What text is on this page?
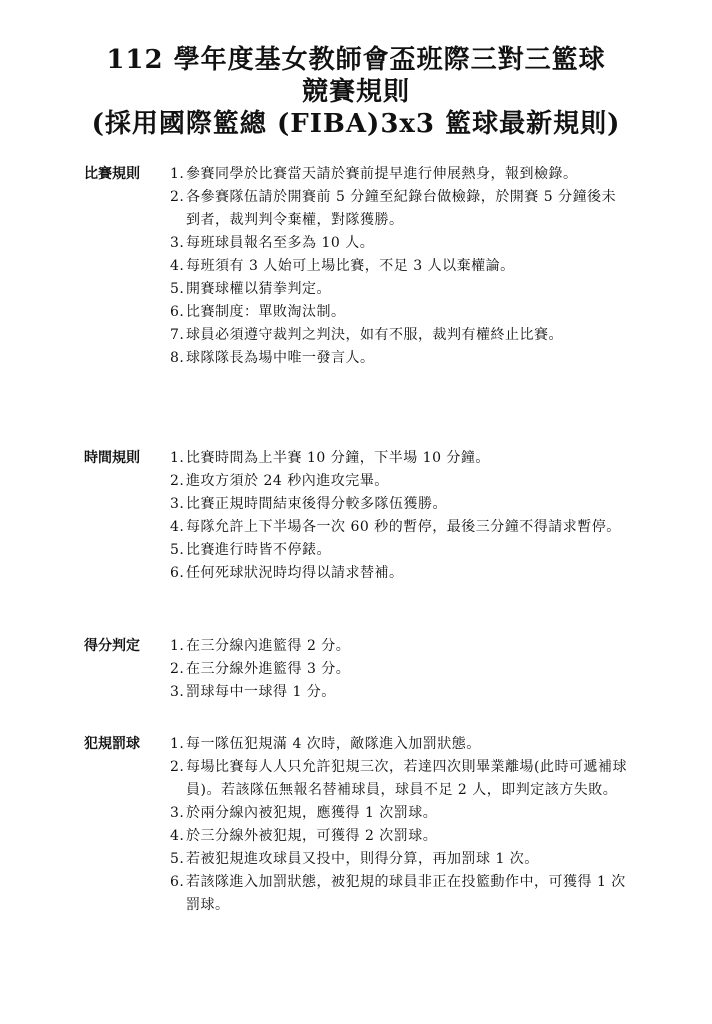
112 學年度基女教師會盃班際三對三籃球
競賽規則
(採用國際籃總 (FIBA)3x3 籃球最新規則)
比賽規則 1. 參賽同學於比賽當天請於賽前提早進行伸展熱身，報到檢錄。
2. 各參賽隊伍請於開賽前 5 分鐘至紀錄台做檢錄，於開賽 5 分鐘後未到者，裁判判令棄權，對隊獲勝。
3. 每班球員報名至多為 10 人。
4. 每班須有 3 人始可上場比賽，不足 3 人以棄權論。
5. 開賽球權以猜拳判定。
6. 比賽制度：單敗淘汰制。
7. 球員必須遵守裁判之判決，如有不服，裁判有權終止比賽。
8. 球隊隊長為場中唯一發言人。
時間規則 1. 比賽時間為上半賽 10 分鐘，下半場 10 分鐘。
2. 進攻方須於 24 秒內進攻完畢。
3. 比賽正規時間結束後得分較多隊伍獲勝。
4. 每隊允許上下半場各一次 60 秒的暫停，最後三分鐘不得請求暫停。
5. 比賽進行時皆不停錶。
6. 任何死球狀況時均得以請求替補。
得分判定 1. 在三分線內進籃得 2 分。
2. 在三分線外進籃得 3 分。
3. 罰球每中一球得 1 分。
犯規罰球 1. 每一隊伍犯規滿 4 次時，敵隊進入加罰狀態。
2. 每場比賽每人人只允許犯規三次，若達四次則畢業離場(此時可遞補球員)。若該隊伍無報名替補球員，球員不足 2 人，即判定該方失敗。
3. 於兩分線內被犯規，應獲得 1 次罰球。
4. 於三分線外被犯規，可獲得 2 次罰球。
5. 若被犯規進攻球員又投中，則得分算，再加罰球 1 次。
6. 若該隊進入加罰狀態，被犯規的球員非正在投籃動作中，可獲得 1 次罰球。
